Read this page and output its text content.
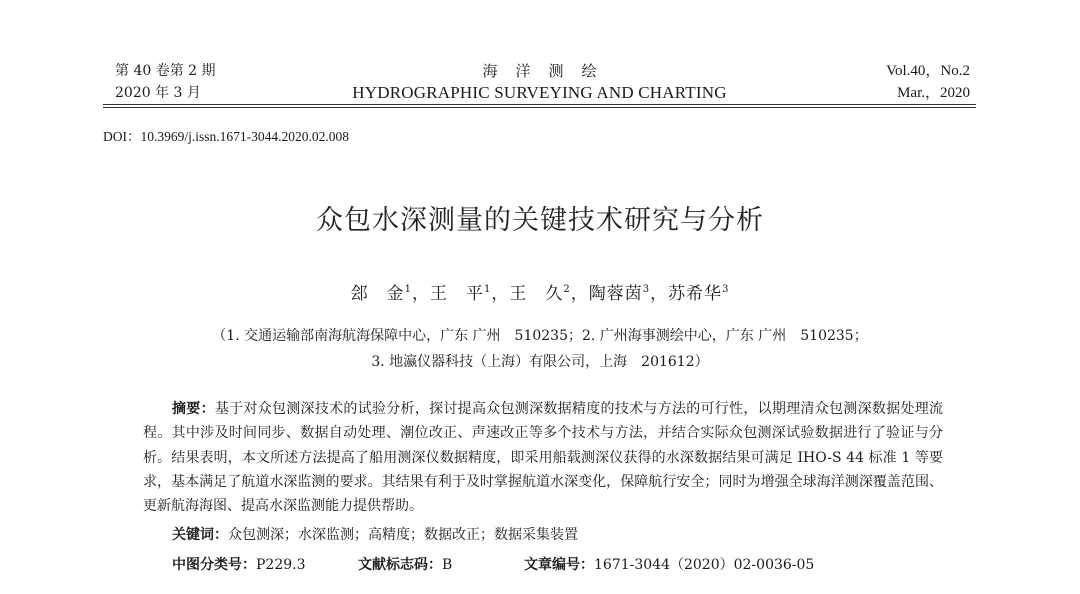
第 40 卷第 2 期
2020 年 3 月
海洋测绘
HYDROGRAPHIC SURVEYING AND CHARTING
Vol.40，No.2
Mar.，2020
DOI：10.3969/j.issn.1671-3044.2020.02.008
众包水深测量的关键技术研究与分析
郐　金$^1$，王　平$^1$，王　久$^2$，陶蓉茵$^3$，苏希华$^3$
（1. 交通运输部南海航海保障中心，广东 广州　510235；2. 广州海事测绘中心，广东 广州　510235；
3. 地瀛仪器科技（上海）有限公司，上海　201612）
摘要：基于对众包测深技术的试验分析，探讨提高众包测深数据精度的技术与方法的可行性，以期理清众包测深数据处理流程。其中涉及时间同步、数据自动处理、潮位改正、声速改正等多个技术与方法，并结合实际众包测深试验数据进行了验证与分析。结果表明，本文所述方法提高了船用测深仪数据精度，即采用船载测深仪获得的水深数据结果可满足 IHO-S 44 标准 1 等要求，基本满足了航道水深监测的要求。其结果有利于及时掌握航道水深变化，保障航行安全；同时为增强全球海洋测深覆盖范围、更新航海海图、提高水深监测能力提供帮助。
关键词：众包测深；水深监测；高精度；数据改正；数据采集装置
中图分类号：P229.3	文献标志码：B	文章编号：1671-3044（2020）02-0036-05
